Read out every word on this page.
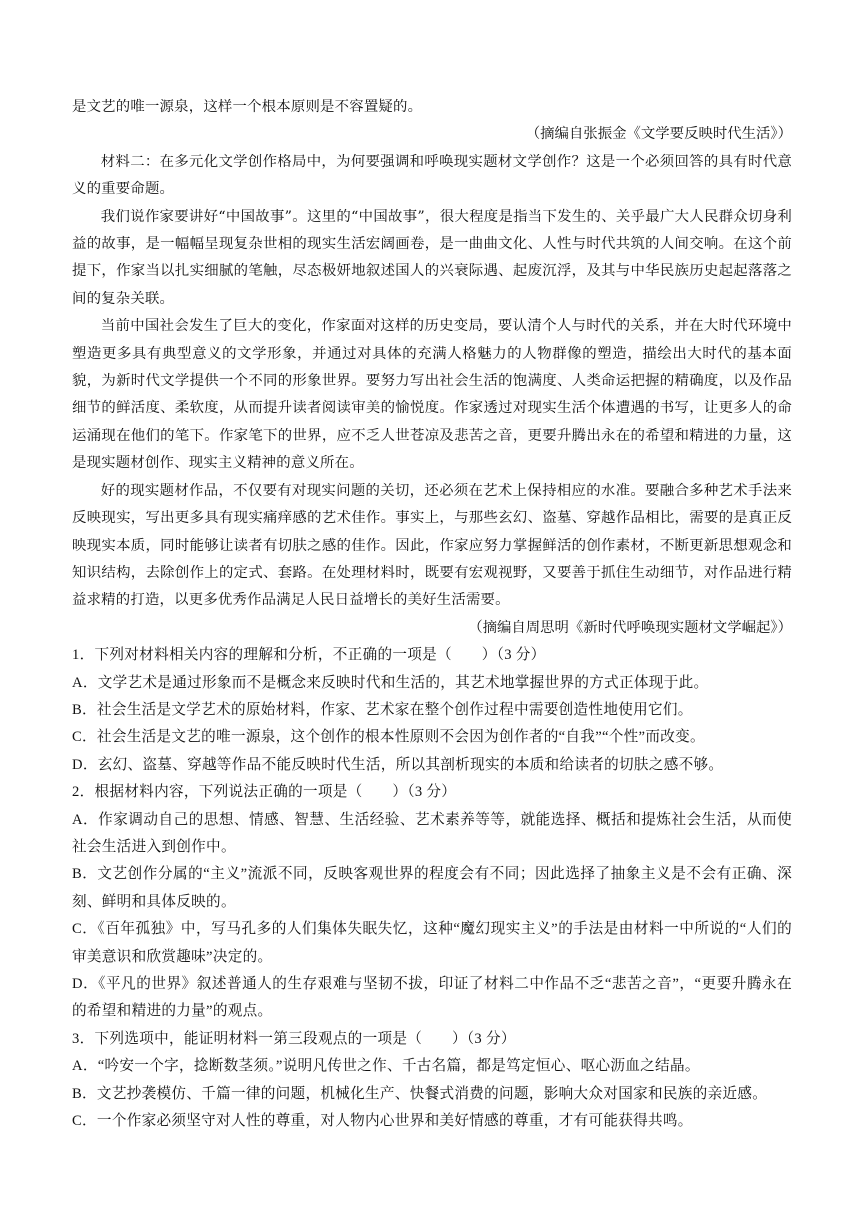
是文艺的唯一源泉，这样一个根本原则是不容置疑的。

（摘编自张振金《文学要反映时代生活》）

材料二：在多元化文学创作格局中，为何要强调和呼唤现实题材文学创作？这是一个必须回答的具有时代意义的重要命题。

我们说作家要讲好“中国故事”。这里的“中国故事”，很大程度是指当下发生的、关乎最广大人民群众切身利益的故事，是一幅幅呈现复杂世相的现实生活宏阔画卷，是一曲曲文化、人性与时代共筑的人间交响。在这个前提下，作家当以扎实细腻的笔触，尽态极妍地叙述国人的兴衰际遇、起废沉浮，及其与中华民族历史起起落落之间的复杂关联。

当前中国社会发生了巨大的变化，作家面对这样的历史变局，要认清个人与时代的关系，并在大时代环境中塑造更多具有典型意义的文学形象，并通过对具体的充满人格魅力的人物群像的塑造，描绘出大时代的基本面貌，为新时代文学提供一个不同的形象世界。要努力写出社会生活的饱满度、人类命运把握的精确度，以及作品细节的鲜活度、柔软度，从而提升读者阅读审美的愉悦度。作家透过对现实生活个体遭遇的书写，让更多人的命运涌现在他们的笔下。作家笔下的世界，应不乏人世苍凉及悲苦之音，更要升腾出永在的希望和精进的力量，这是现实题材创作、现实主义精神的意义所在。

好的现实题材作品，不仅要有对现实问题的关切，还必须在艺术上保持相应的水准。要融合多种艺术手法来反映现实，写出更多具有现实痛痒感的艺术佳作。事实上，与那些玄幻、盗墓、穿越作品相比，需要的是真正反映现实本质，同时能够让读者有切肤之感的佳作。因此，作家应努力掌握鲜活的创作素材，不断更新思想观念和知识结构，去除创作上的定式、套路。在处理材料时，既要有宏观视野，又要善于抓住生动细节，对作品进行精益求精的打造，以更多优秀作品满足人民日益增长的美好生活需要。

（摘编自周思明《新时代呼唤现实题材文学崛起》）

1．下列对材料相关内容的理解和分析，不正确的一项是（　　）（3 分）

A．文学艺术是通过形象而不是概念来反映时代和生活的，其艺术地掌握世界的方式正体现于此。

B．社会生活是文学艺术的原始材料，作家、艺术家在整个创作过程中需要创造性地使用它们。

C．社会生活是文艺的唯一源泉，这个创作的根本性原则不会因为创作者的“自我”“个性”而改变。

D．玄幻、盗墓、穿越等作品不能反映时代生活，所以其剖析现实的本质和给读者的切肤之感不够。

2．根据材料内容，下列说法正确的一项是（　　）（3 分）

A．作家调动自己的思想、情感、智慧、生活经验、艺术素养等等，就能选择、概括和提炼社会生活，从而使社会生活进入到创作中。

B．文艺创作分属的“主义”流派不同，反映客观世界的程度会有不同；因此选择了抽象主义是不会有正确、深刻、鲜明和具体反映的。

C．《百年孤独》中，写马孔多的人们集体失眠失忆，这种“魔幻现实主义”的手法是由材料一中所说的“人们的审美意识和欣赏趣味”决定的。

D．《平凡的世界》叙述普通人的生存艰难与坚韧不拔，印证了材料二中作品不乏“悲苦之音”，“更要升腾永在的希望和精进的力量”的观点。

3．下列选项中，能证明材料一第三段观点的一项是（　　）（3 分）

A．“吟安一个字，捻断数茎须。”说明凡传世之作、千古名篇，都是笃定恒心、呕心沥血之结晶。

B．文艺抄袭模仿、千篇一律的问题，机械化生产、快餐式消费的问题，影响大众对国家和民族的亲近感。

C．一个作家必须坚守对人性的尊重，对人物内心世界和美好情感的尊重，才有可能获得共鸣。
